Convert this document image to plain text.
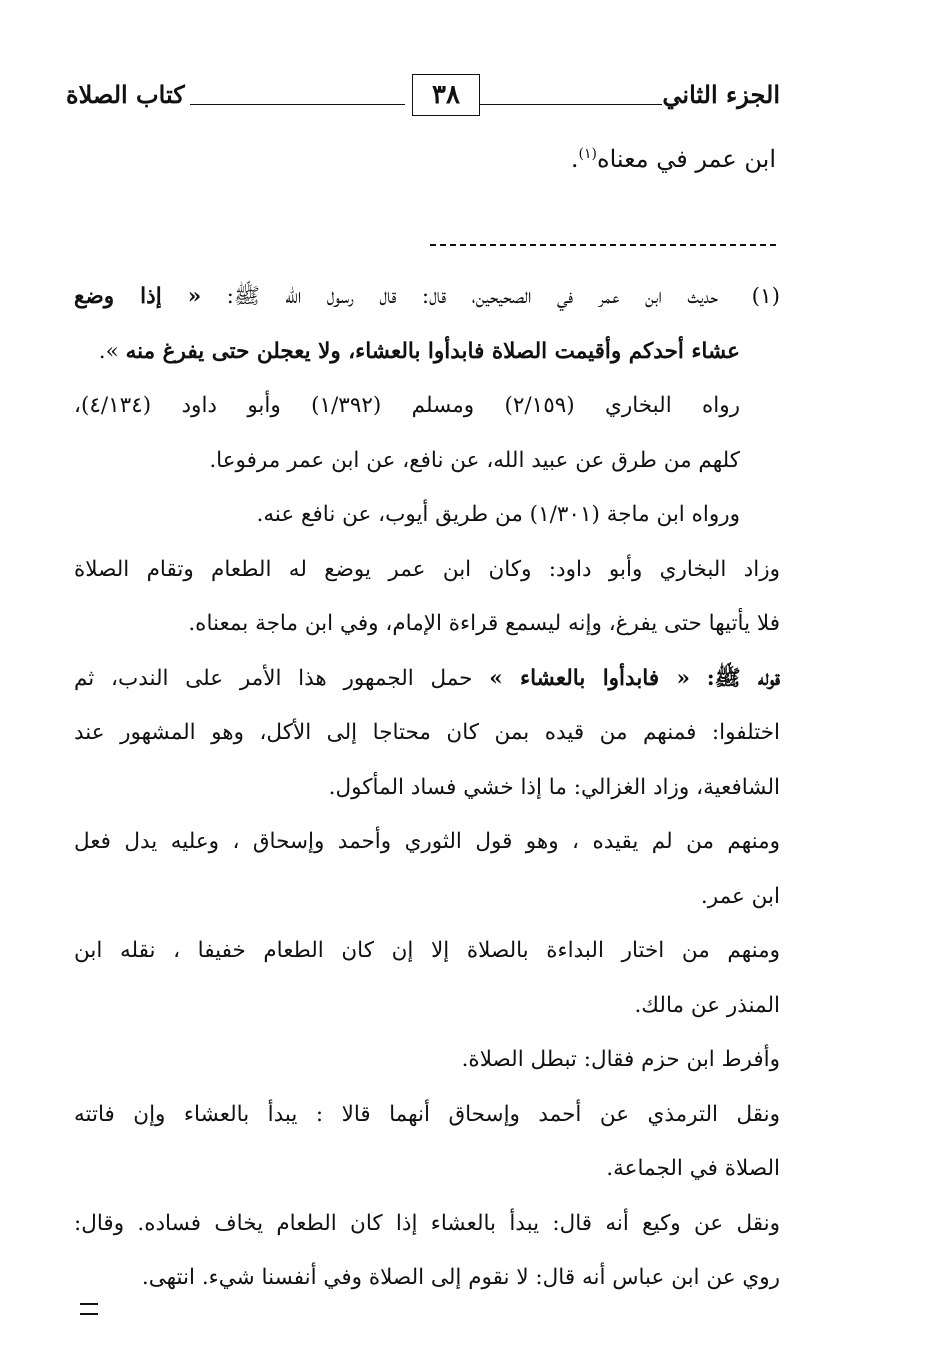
الجزء الثاني
٣٨
كتاب الصلاة
ابن عمر في معناه$^{(١)}$.
(١) حديث ابن عمر في الصحيحين، قال: قال رسول الله ﷺ: « إذا وضع
عشاء أحدكم وأقيمت الصلاة فابدأوا بالعشاء، ولا يعجلن حتى يفرغ منه ».
رواه البخاري (٢/١٥٩) ومسلم (١/٣٩٢) وأبو داود (٤/١٣٤)،
كلهم من طرق عن عبيد الله، عن نافع، عن ابن عمر مرفوعا.
ورواه ابن ماجة (١/٣٠١) من طريق أيوب، عن نافع عنه.
وزاد البخاري وأبو داود: وكان ابن عمر يوضع له الطعام وتقام الصلاة
فلا يأتيها حتى يفرغ، وإنه ليسمع قراءة الإمام، وفي ابن ماجة بمعناه.
قوله ﷺ: « فابدأوا بالعشاء » حمل الجمهور هذا الأمر على الندب، ثم
اختلفوا: فمنهم من قيده بمن كان محتاجا إلى الأكل، وهو المشهور عند
الشافعية، وزاد الغزالي: ما إذا خشي فساد المأكول.
ومنهم من لم يقيده ، وهو قول الثوري وأحمد وإسحاق ، وعليه يدل فعل
ابن عمر.
ومنهم من اختار البداءة بالصلاة إلا إن كان الطعام خفيفا ، نقله ابن
المنذر عن مالك.
وأفرط ابن حزم فقال: تبطل الصلاة.
ونقل الترمذي عن أحمد وإسحاق أنهما قالا : يبدأ بالعشاء وإن فاتته
الصلاة في الجماعة.
ونقل عن وكيع أنه قال: يبدأ بالعشاء إذا كان الطعام يخاف فساده. وقال:
روي عن ابن عباس أنه قال: لا نقوم إلى الصلاة وفي أنفسنا شيء. انتهى.
